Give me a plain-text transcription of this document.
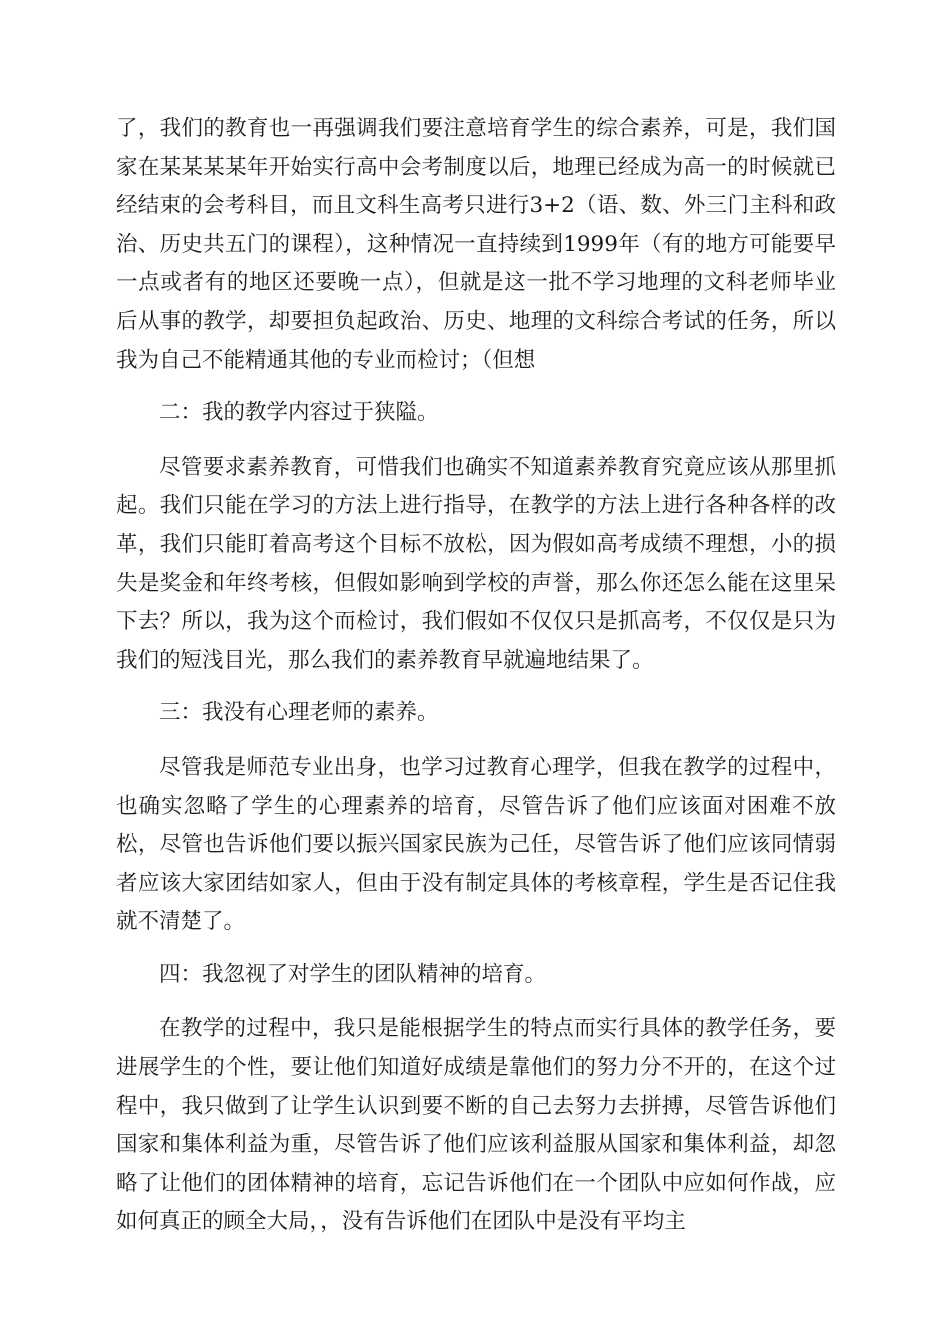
了，我们的教育也一再强调我们要注意培育学生的综合素养，可是，我们国家在某某某某年开始实行高中会考制度以后，地理已经成为高一的时候就已经结束的会考科目，而且文科生高考只进行3+2（语、数、外三门主科和政治、历史共五门的课程），这种情况一直持续到1999年（有的地方可能要早一点或者有的地区还要晚一点），但就是这一批不学习地理的文科老师毕业后从事的教学，却要担负起政治、历史、地理的文科综合考试的任务，所以我为自己不能精通其他的专业而检讨；（但想

二：我的教学内容过于狭隘。

尽管要求素养教育，可惜我们也确实不知道素养教育究竟应该从那里抓起。我们只能在学习的方法上进行指导，在教学的方法上进行各种各样的改革，我们只能盯着高考这个目标不放松，因为假如高考成绩不理想，小的损失是奖金和年终考核，但假如影响到学校的声誉，那么你还怎么能在这里呆下去？所以，我为这个而检讨，我们假如不仅仅只是抓高考，不仅仅是只为我们的短浅目光，那么我们的素养教育早就遍地结果了。

三：我没有心理老师的素养。

尽管我是师范专业出身，也学习过教育心理学，但我在教学的过程中，也确实忽略了学生的心理素养的培育，尽管告诉了他们应该面对困难不放松，尽管也告诉他们要以振兴国家民族为己任，尽管告诉了他们应该同情弱者应该大家团结如家人，但由于没有制定具体的考核章程，学生是否记住我就不清楚了。

四：我忽视了对学生的团队精神的培育。

在教学的过程中，我只是能根据学生的特点而实行具体的教学任务，要进展学生的个性，要让他们知道好成绩是靠他们的努力分不开的，在这个过程中，我只做到了让学生认识到要不断的自己去努力去拼搏，尽管告诉他们国家和集体利益为重，尽管告诉了他们应该利益服从国家和集体利益，却忽略了让他们的团体精神的培育，忘记告诉他们在一个团队中应如何作战，应如何真正的顾全大局，，没有告诉他们在团队中是没有平均主
